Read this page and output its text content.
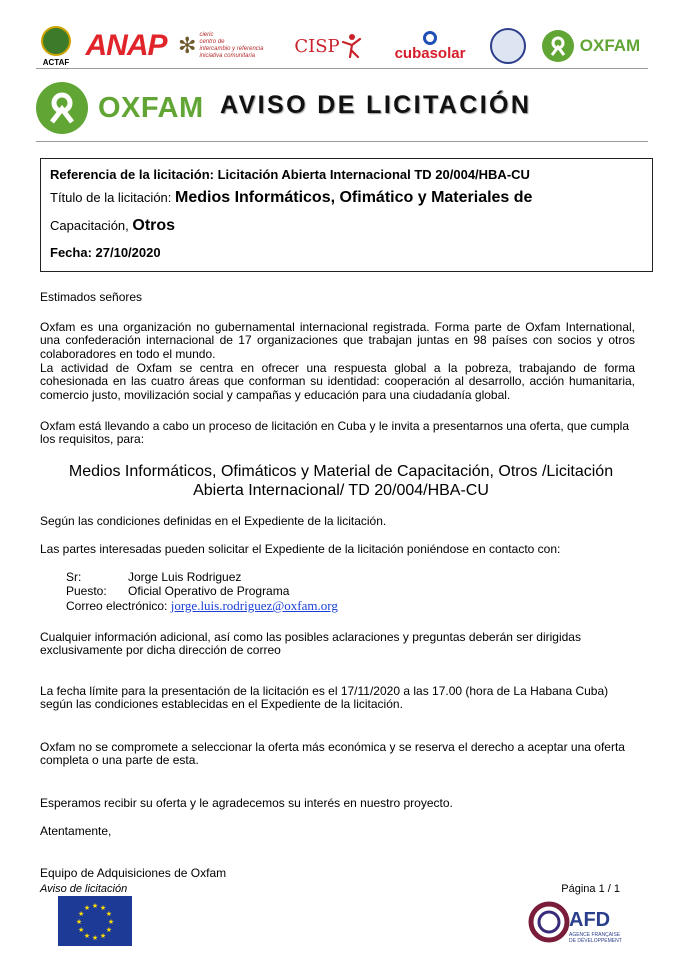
ACTAF ANAP ✻ cieric
centro de
intercambio y referencia
iniciativa comunitaria	CISP	cubasolar	OXFAM
OXFAM AVISO DE LICITACIÓN
Referencia de la licitación: Licitación Abierta Internacional TD 20/004/HBA-CU
Título de la licitación: Medios Informáticos, Ofimático y Materiales de
Capacitación, Otros
Fecha: 27/10/2020
Estimados señores
Oxfam es una organización no gubernamental internacional registrada. Forma parte de Oxfam International, una confederación internacional de 17 organizaciones que trabajan juntas en 98 países con socios y otros colaboradores en todo el mundo.
La actividad de Oxfam se centra en ofrecer una respuesta global a la pobreza, trabajando de forma cohesionada en las cuatro áreas que conforman su identidad: cooperación al desarrollo, acción humanitaria, comercio justo, movilización social y campañas y educación para una ciudadanía global.
Oxfam está llevando a cabo un proceso de licitación en Cuba y le invita a presentarnos una oferta, que cumpla los requisitos, para:
Medios Informáticos, Ofimáticos y Material de Capacitación, Otros /Licitación
Abierta Internacional/ TD 20/004/HBA-CU
Según las condiciones definidas en el Expediente de la licitación.
Las partes interesadas pueden solicitar el Expediente de la licitación poniéndose en contacto con:
Sr:	Jorge Luis Rodriguez
Puesto: Oficial Operativo de Programa
Correo electrónico: jorge.luis.rodriguez@oxfam.org
Cualquier información adicional, así como las posibles aclaraciones y preguntas deberán ser dirigidas exclusivamente por dicha dirección de correo
La fecha límite para la presentación de la licitación es el 17/11/2020 a las 17.00 (hora de La Habana Cuba) según las condiciones establecidas en el Expediente de la licitación.
Oxfam no se compromete a seleccionar la oferta más económica y se reserva el derecho a aceptar una oferta completa o una parte de esta.
Esperamos recibir su oferta y le agradecemos su interés en nuestro proyecto.
Atentamente,
Equipo de Adquisiciones de Oxfam
Aviso de licitación	Página 1 / 1
★ ★
★
★
★
★
★
★
★
★
★
★
AFD
AGENCE FRANÇAISE
DE DÉVELOPPEMENT
